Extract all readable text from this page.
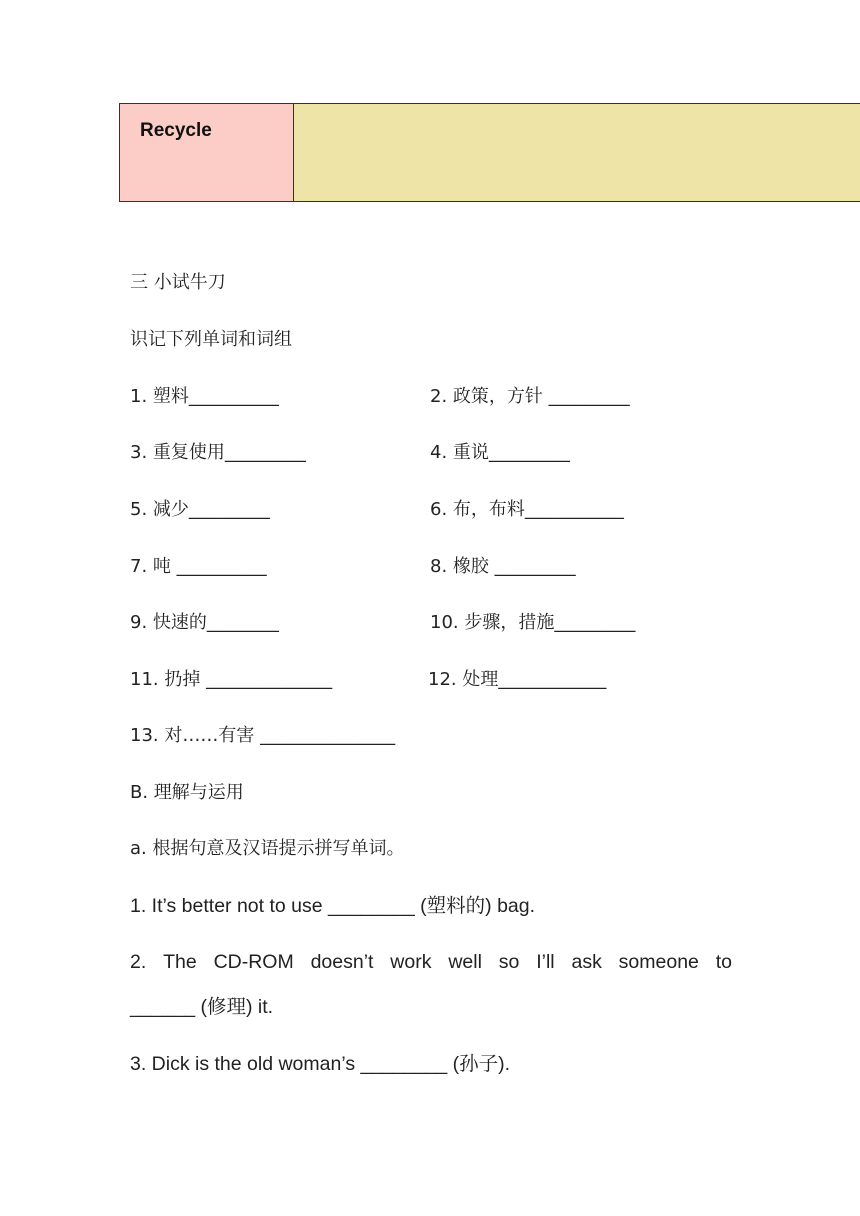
Recycle
三 小试牛刀
识记下列单词和词组
1. 塑料__________	2. 政策，方针 _________
3. 重复使用_________	4. 重说_________
5. 减少_________	6. 布，布料___________
7. 吨 __________	8. 橡胶 _________
9. 快速的________	10. 步骤，措施_________
11. 扔掉 ______________	12. 处理____________
13. 对……有害 _______________
B. 理解与运用
a. 根据句意及汉语提示拼写单词。
1. It’s better not to use ________ (塑料的) bag.
2. The CD-ROM doesn’t work well so I’ll ask someone to
______ (修理) it.
3. Dick is the old woman’s ________ (孙子).
